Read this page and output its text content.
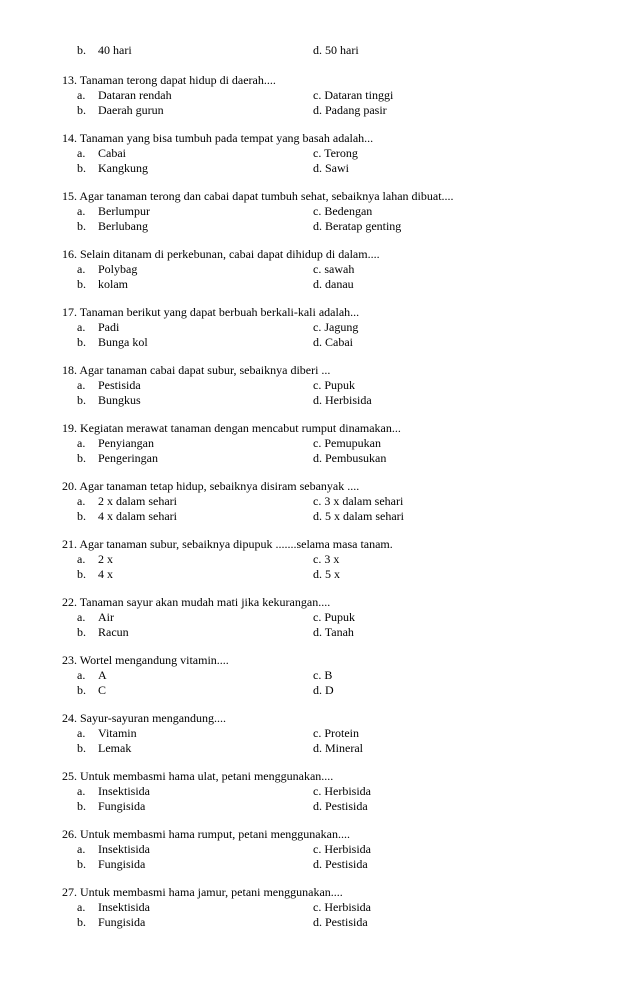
b. 40 hari	d. 50 hari
13. Tanaman terong dapat hidup di daerah....
a. Dataran rendah	c. Dataran tinggi
b. Daerah gurun	d. Padang pasir
14. Tanaman yang bisa tumbuh pada tempat yang basah adalah...
a. Cabai	c. Terong
b. Kangkung	d. Sawi
15. Agar tanaman terong dan cabai dapat tumbuh sehat, sebaiknya lahan dibuat....
a. Berlumpur	c. Bedengan
b. Berlubang	d. Beratap genting
16. Selain ditanam di perkebunan, cabai dapat dihidup di dalam....
a. Polybag	c. sawah
b. kolam	d. danau
17. Tanaman berikut yang dapat berbuah berkali-kali adalah...
a. Padi	c. Jagung
b. Bunga kol	d. Cabai
18. Agar tanaman cabai dapat subur, sebaiknya diberi ...
a. Pestisida	c. Pupuk
b. Bungkus	d. Herbisida
19. Kegiatan merawat tanaman dengan mencabut rumput dinamakan...
a. Penyiangan	c. Pemupukan
b. Pengeringan	d. Pembusukan
20. Agar tanaman tetap hidup, sebaiknya disiram sebanyak ....
a. 2 x dalam sehari	c. 3 x dalam sehari
b. 4 x dalam sehari	d. 5 x dalam sehari
21. Agar tanaman subur, sebaiknya dipupuk .......selama masa tanam.
a. 2 x	c. 3 x
b. 4 x	d. 5 x
22. Tanaman sayur akan mudah mati jika kekurangan....
a. Air	c. Pupuk
b. Racun	d. Tanah
23. Wortel mengandung vitamin....
a. A	c. B
b. C	d. D
24. Sayur-sayuran mengandung....
a. Vitamin	c. Protein
b. Lemak	d. Mineral
25. Untuk membasmi hama ulat, petani menggunakan....
a. Insektisida	c. Herbisida
b. Fungisida	d. Pestisida
26. Untuk membasmi hama rumput, petani menggunakan....
a. Insektisida	c. Herbisida
b. Fungisida	d. Pestisida
27. Untuk membasmi hama jamur, petani menggunakan....
a. Insektisida	c. Herbisida
b. Fungisida	d. Pestisida
